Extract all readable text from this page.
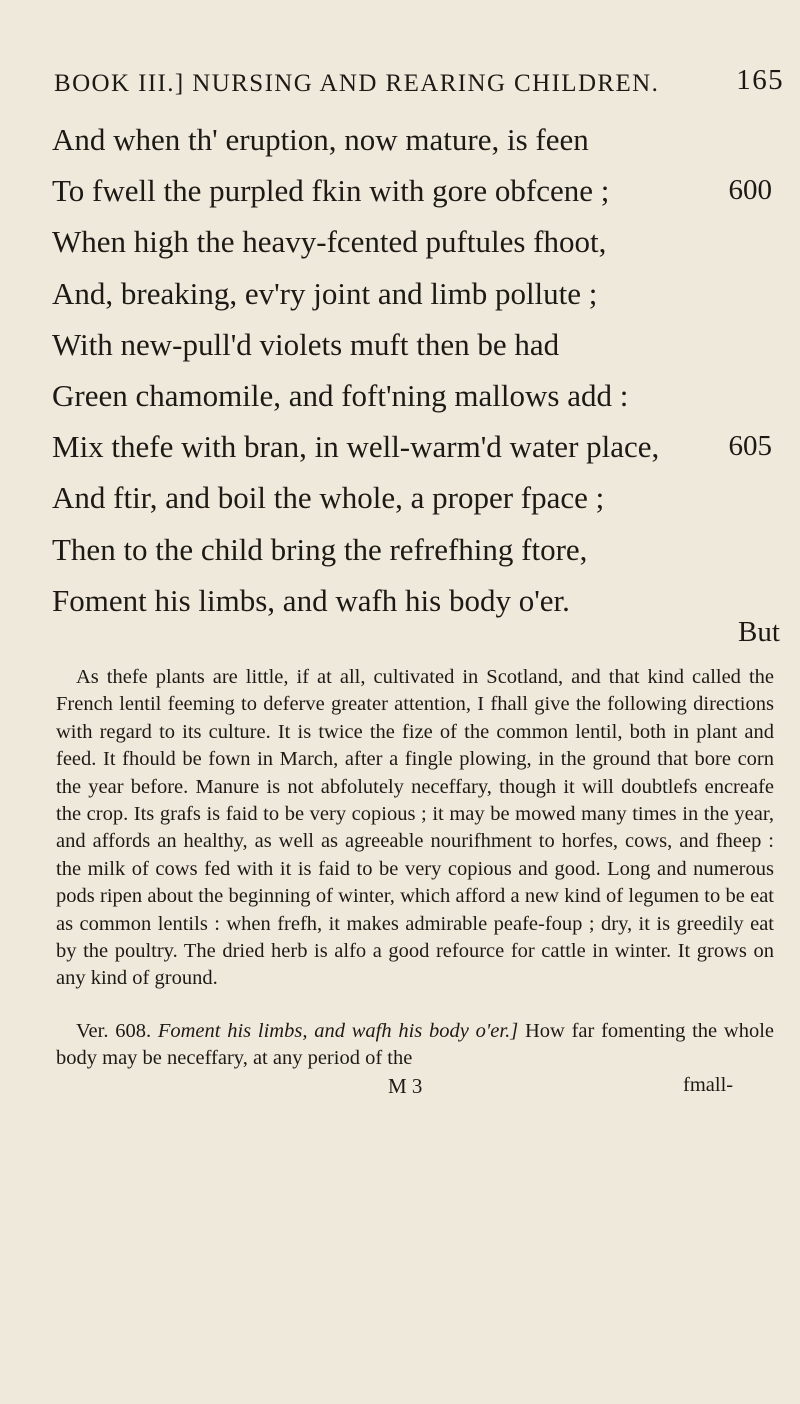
BOOK III.] NURSING AND REARING CHILDREN.	165
And when th' eruption, now mature, is feen
To fwell the purpled fkin with gore obfcene ;	600
When high the heavy-fcented puftules fhoot,
And, breaking, ev'ry joint and limb pollute ;
With new-pull'd violets muft then be had
Green chamomile, and foft'ning mallows add :
Mix thefe with bran, in well-warm'd water place, 605
And ftir, and boil the whole, a proper fpace ;
Then to the child bring the refrefhing ftore,
Foment his limbs, and wafh his body o'er.
But

As thefe plants are little, if at all, cultivated in Scotland, and that kind called the French lentil feeming to deferve greater attention, I fhall give the following directions with regard to its culture. It is twice the fize of the common lentil, both in plant and feed. It fhould be fown in March, after a fingle plowing, in the ground that bore corn the year before. Manure is not abfolutely neceffary, though it will doubtlefs encreafe the crop. Its grafs is faid to be very copious ; it may be mowed many times in the year, and affords an healthy, as well as agreeable nourifhment to horfes, cows, and fheep : the milk of cows fed with it is faid to be very copious and good. Long and numerous pods ripen about the beginning of winter, which afford a new kind of legumen to be eat as common lentils : when frefh, it makes admirable peafe-foup ; dry, it is greedily eat by the poultry. The dried herb is alfo a good refource for cattle in winter. It grows on any kind of ground.

Ver. 608. Foment his limbs, and wafh his body o'er.] How far fomenting the whole body may be neceffary, at any period of the

M 3	fmall-
